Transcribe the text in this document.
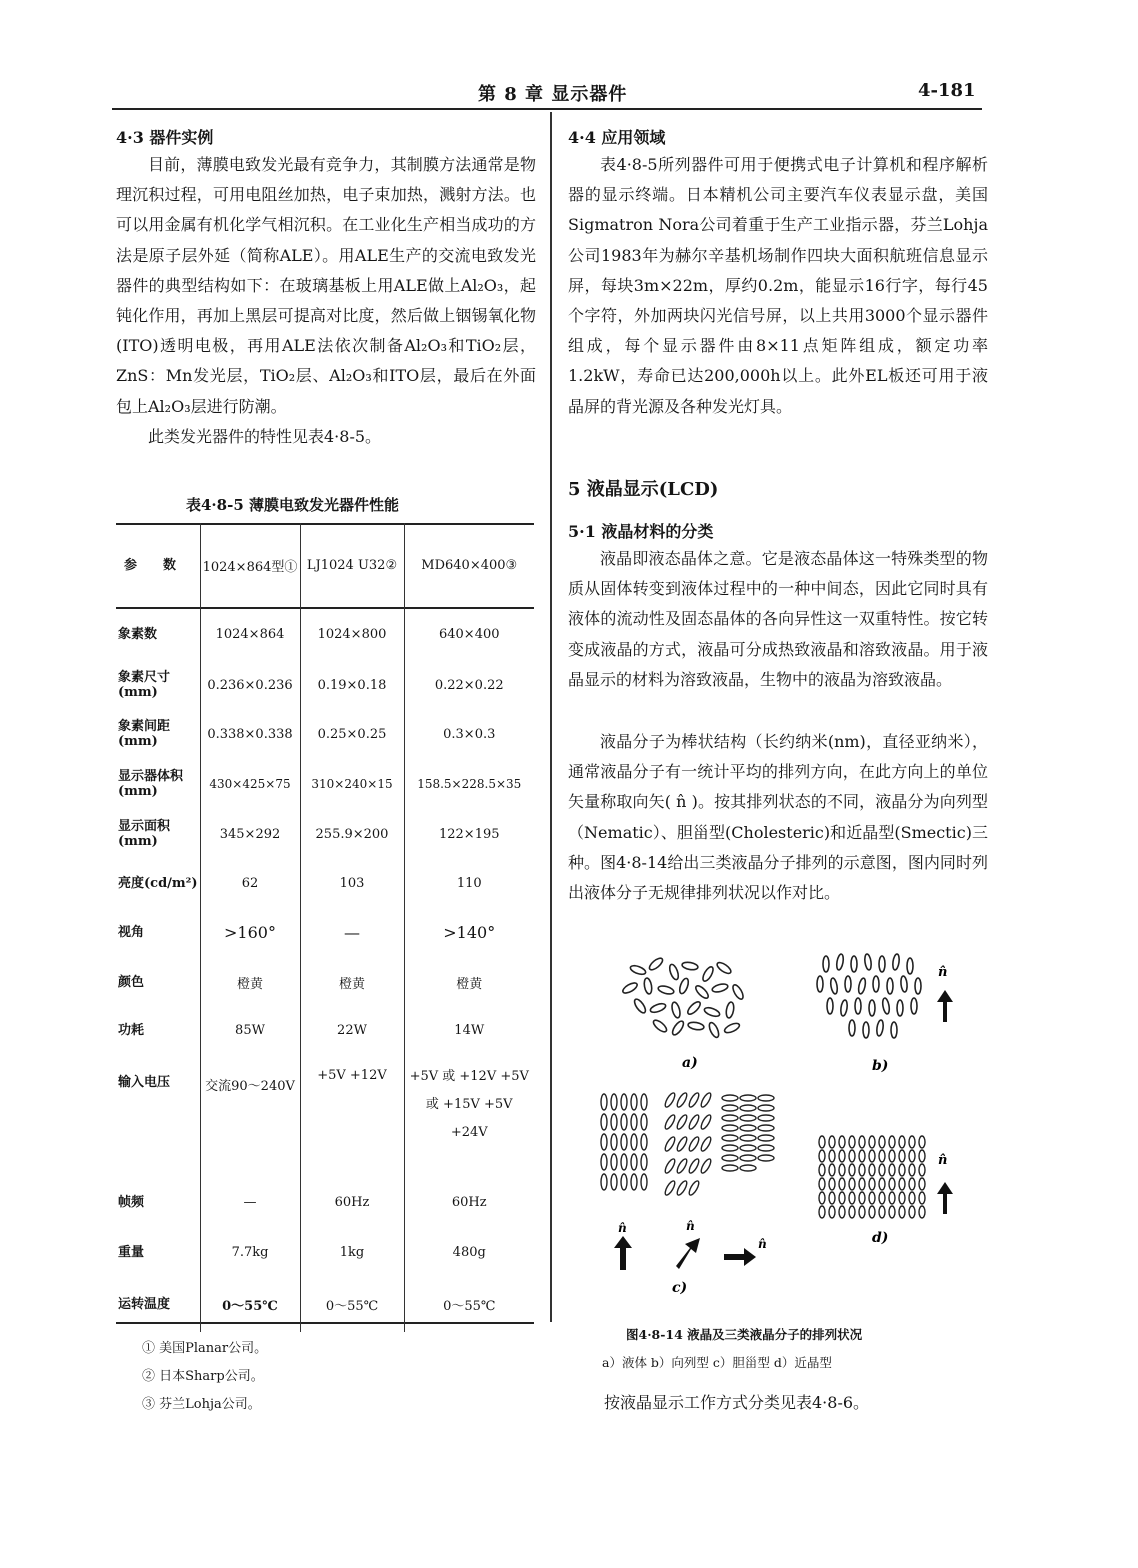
第 8 章 显示器件	4-181
4·3 器件实例

目前，薄膜电致发光最有竞争力，其制膜方法通常是物理沉积过程，可用电阻丝加热，电子束加热，溅射方法。也可以用金属有机化学气相沉积。在工业化生产相当成功的方法是原子层外延（简称ALE）。用ALE生产的交流电致发光器件的典型结构如下：在玻璃基板上用ALE做上Al₂O₃，起钝化作用，再加上黑层可提高对比度，然后做上铟锡氧化物(ITO)透明电极，再用ALE法依次制备Al₂O₃和TiO₂层，ZnS：Mn发光层，TiO₂层、Al₂O₃和ITO层，最后在外面包上Al₂O₃层进行防潮。

此类发光器件的特性见表4·8-5。

表4·8-5 薄膜电致发光器件性能
参　　数	1024×864型①	LJ1024 U32②	MD640×400③
象素数	1024×864	1024×800	640×400
象素尺寸(mm)	0.236×0.236	0.19×0.18	0.22×0.22
象素间距(mm)	0.338×0.338	0.25×0.25	0.3×0.3
显示器体积(mm)	430×425×75	310×240×15	158.5×228.5×35
显示面积(mm)	345×292	255.9×200	122×195
亮度(cd/m²)	62	103	110
视角	>160°	—	>140°
颜色	橙黄	橙黄	橙黄
功耗	85W	22W	14W
输入电压	交流90～240V	+5V +12V	+5V 或 +12V +5V 或 +15V +5V +24V
帧频	—	60Hz	60Hz
重量	7.7kg	1kg	480g
运转温度	0～55℃	0～55℃	0～55℃
① 美国Planar公司。
② 日本Sharp公司。
③ 芬兰Lohja公司。
4·4 应用领域
表4·8-5所列器件可用于便携式电子计算机和程序解析器的显示终端。日本精机公司主要汽车仪表显示盘，美国Sigmatron Nora公司着重于生产工业指示器，芬兰Lohja公司1983年为赫尔辛基机场制作四块大面积航班信息显示屏，每块3m×22m，厚约0.2m，能显示16行字，每行45个字符，外加两块闪光信号屏，以上共用3000个显示器件组成，每个显示器件由8×11点矩阵组成，额定功率1.2kW，寿命已达200,000h以上。此外EL板还可用于液晶屏的背光源及各种发光灯具。
5 液晶显示(LCD)
5·1 液晶材料的分类
液晶即液态晶体之意。它是液态晶体这一特殊类型的物质从固体转变到液体过程中的一种中间态，因此它同时具有液体的流动性及固态晶体的各向异性这一双重特性。按它转变成液晶的方式，液晶可分成热致液晶和溶致液晶。用于液晶显示的材料为溶致液晶，生物中的液晶为溶致液晶。
液晶分子为棒状结构（长约纳米(nm)，直径亚纳米），通常液晶分子有一统计平均的排列方向，在此方向上的单位矢量称取向矢( n̂ )。按其排列状态的不同，液晶分为向列型（Nematic）、胆甾型(Cholesteric)和近晶型(Smectic)三种。图4·8-14给出三类液晶分子排列的示意图，图内同时列出液体分子无规律排列状况以作对比。
a)
n̂
b)
n̂	n̂
n̂
c)
n̂
d)
图4·8-14 液晶及三类液晶分子的排列状况
a）液体 b）向列型 c）胆甾型 d）近晶型
按液晶显示工作方式分类见表4·8-6。
